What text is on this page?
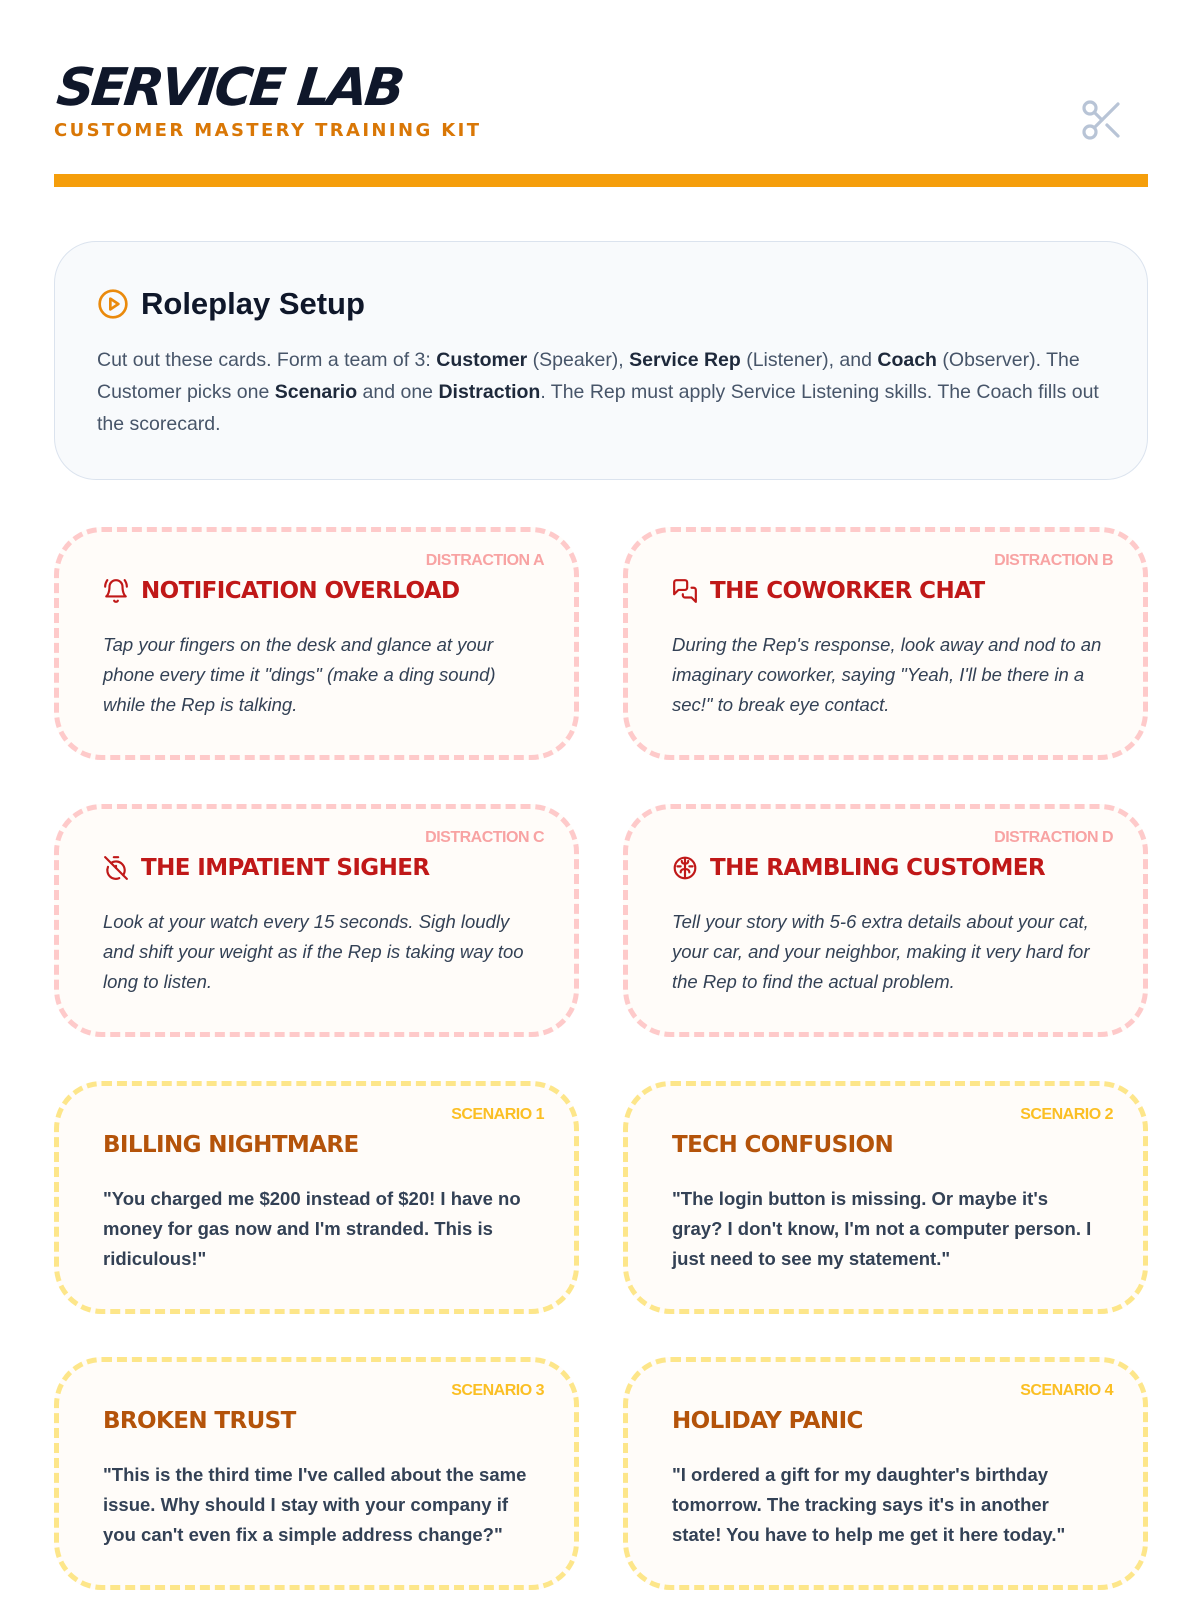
SERVICE LAB
CUSTOMER MASTERY TRAINING KIT
Roleplay Setup
Cut out these cards. Form a team of 3: Customer (Speaker), Service Rep (Listener), and Coach (Observer). The Customer picks one Scenario and one Distraction. The Rep must apply Service Listening skills. The Coach fills out the scorecard.
DISTRACTION A
NOTIFICATION OVERLOAD
Tap your fingers on the desk and glance at your phone every time it "dings" (make a ding sound) while the Rep is talking.
DISTRACTION B
THE COWORKER CHAT
During the Rep's response, look away and nod to an imaginary coworker, saying "Yeah, I'll be there in a sec!" to break eye contact.
DISTRACTION C
THE IMPATIENT SIGHER
Look at your watch every 15 seconds. Sigh loudly and shift your weight as if the Rep is taking way too long to listen.
DISTRACTION D
THE RAMBLING CUSTOMER
Tell your story with 5-6 extra details about your cat, your car, and your neighbor, making it very hard for the Rep to find the actual problem.
SCENARIO 1
BILLING NIGHTMARE
"You charged me $200 instead of $20! I have no money for gas now and I'm stranded. This is ridiculous!"
SCENARIO 2
TECH CONFUSION
"The login button is missing. Or maybe it's gray? I don't know, I'm not a computer person. I just need to see my statement."
SCENARIO 3
BROKEN TRUST
"This is the third time I've called about the same issue. Why should I stay with your company if you can't even fix a simple address change?"
SCENARIO 4
HOLIDAY PANIC
"I ordered a gift for my daughter's birthday tomorrow. The tracking says it's in another state! You have to help me get it here today."
